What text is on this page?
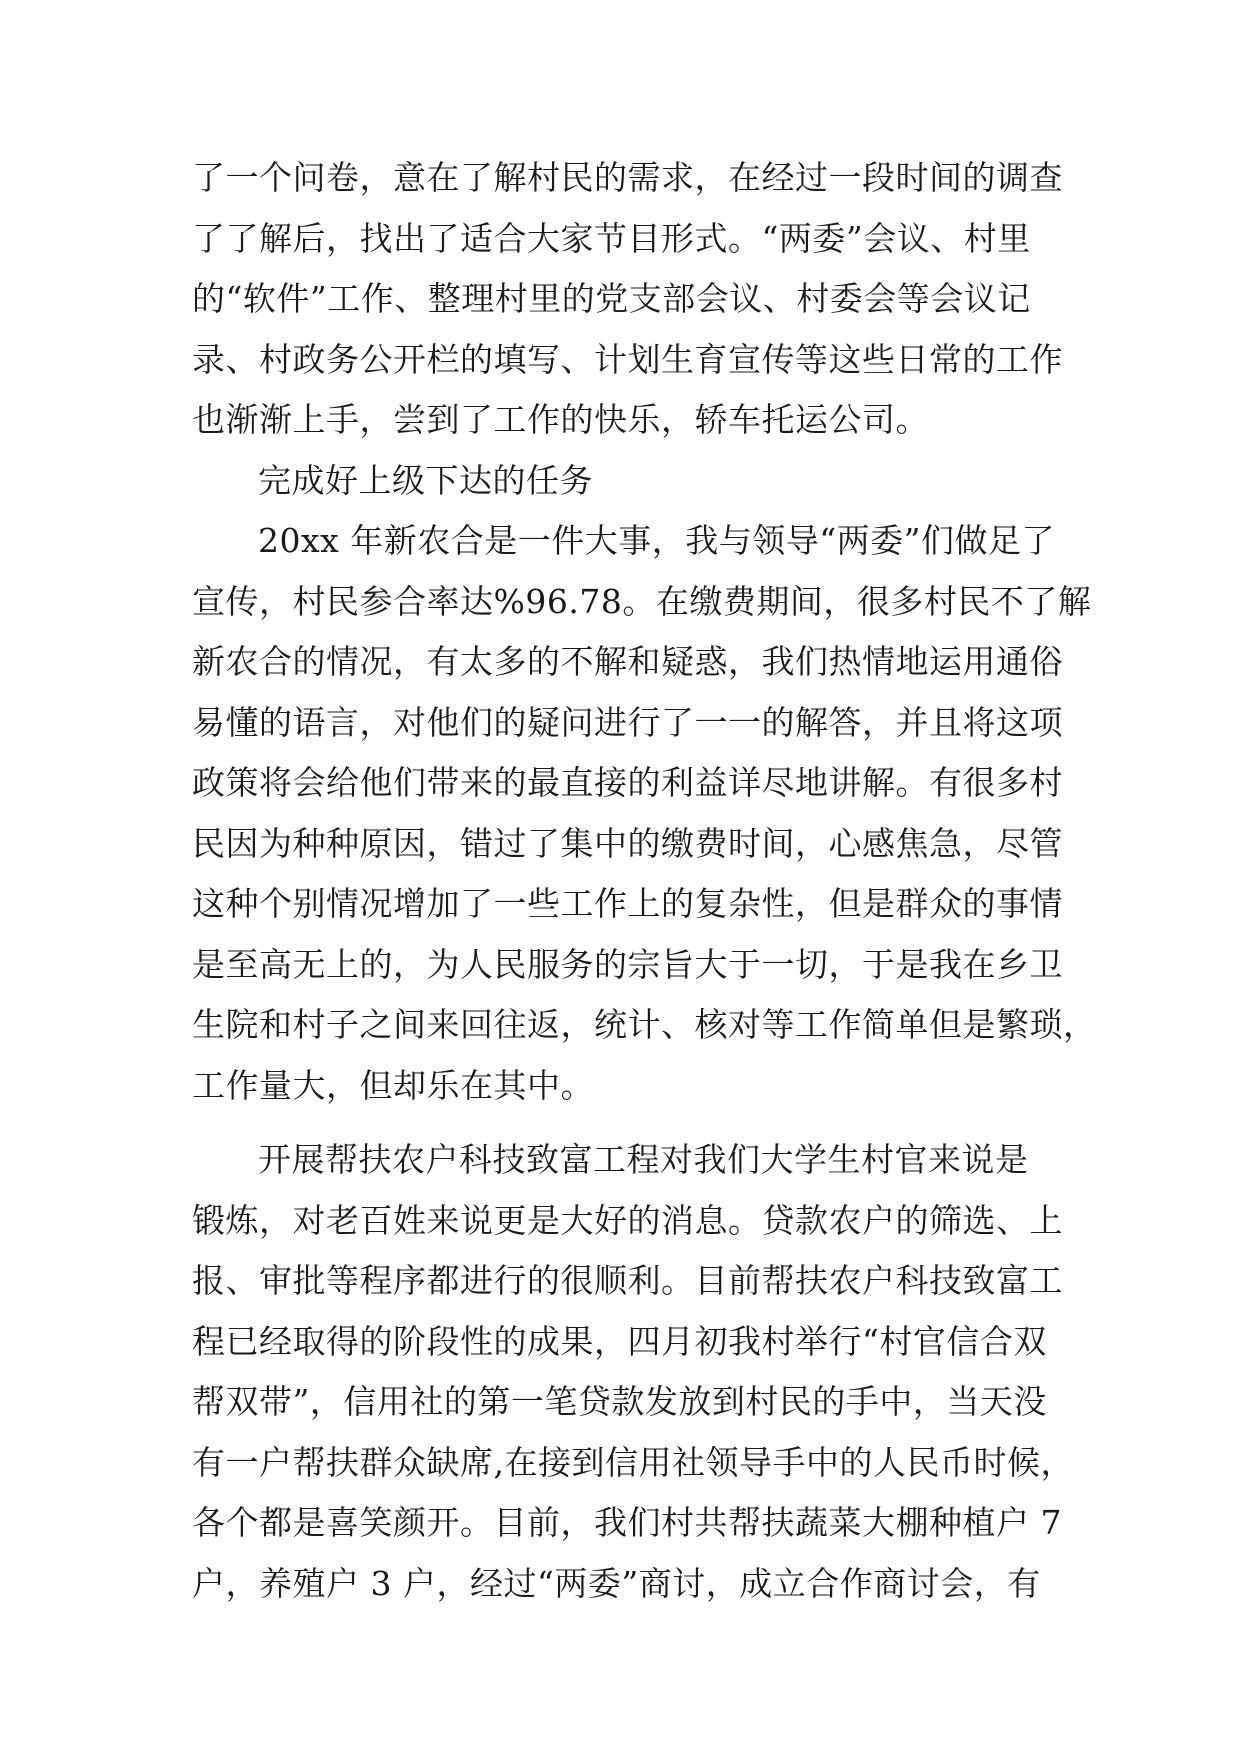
了一个问卷，意在了解村民的需求，在经过一段时间的调查
了了解后，找出了适合大家节目形式。“两委”会议、村里
的“软件”工作、整理村里的党支部会议、村委会等会议记
录、村政务公开栏的填写、计划生育宣传等这些日常的工作
也渐渐上手，尝到了工作的快乐，轿车托运公司。
完成好上级下达的任务
20xx 年新农合是一件大事，我与领导“两委”们做足了
宣传，村民参合率达%96.78。在缴费期间，很多村民不了解
新农合的情况，有太多的不解和疑惑，我们热情地运用通俗
易懂的语言，对他们的疑问进行了一一的解答，并且将这项
政策将会给他们带来的最直接的利益详尽地讲解。有很多村
民因为种种原因，错过了集中的缴费时间，心感焦急，尽管
这种个别情况增加了一些工作上的复杂性，但是群众的事情
是至高无上的，为人民服务的宗旨大于一切，于是我在乡卫
生院和村子之间来回往返，统计、核对等工作简单但是繁琐，
工作量大，但却乐在其中。
开展帮扶农户科技致富工程对我们大学生村官来说是
锻炼，对老百姓来说更是大好的消息。贷款农户的筛选、上
报、审批等程序都进行的很顺利。目前帮扶农户科技致富工
程已经取得的阶段性的成果，四月初我村举行“村官信合双
帮双带”，信用社的第一笔贷款发放到村民的手中，当天没
有一户帮扶群众缺席,在接到信用社领导手中的人民币时候，
各个都是喜笑颜开。目前，我们村共帮扶蔬菜大棚种植户 7
户，养殖户 3 户，经过“两委”商讨，成立合作商讨会，有
